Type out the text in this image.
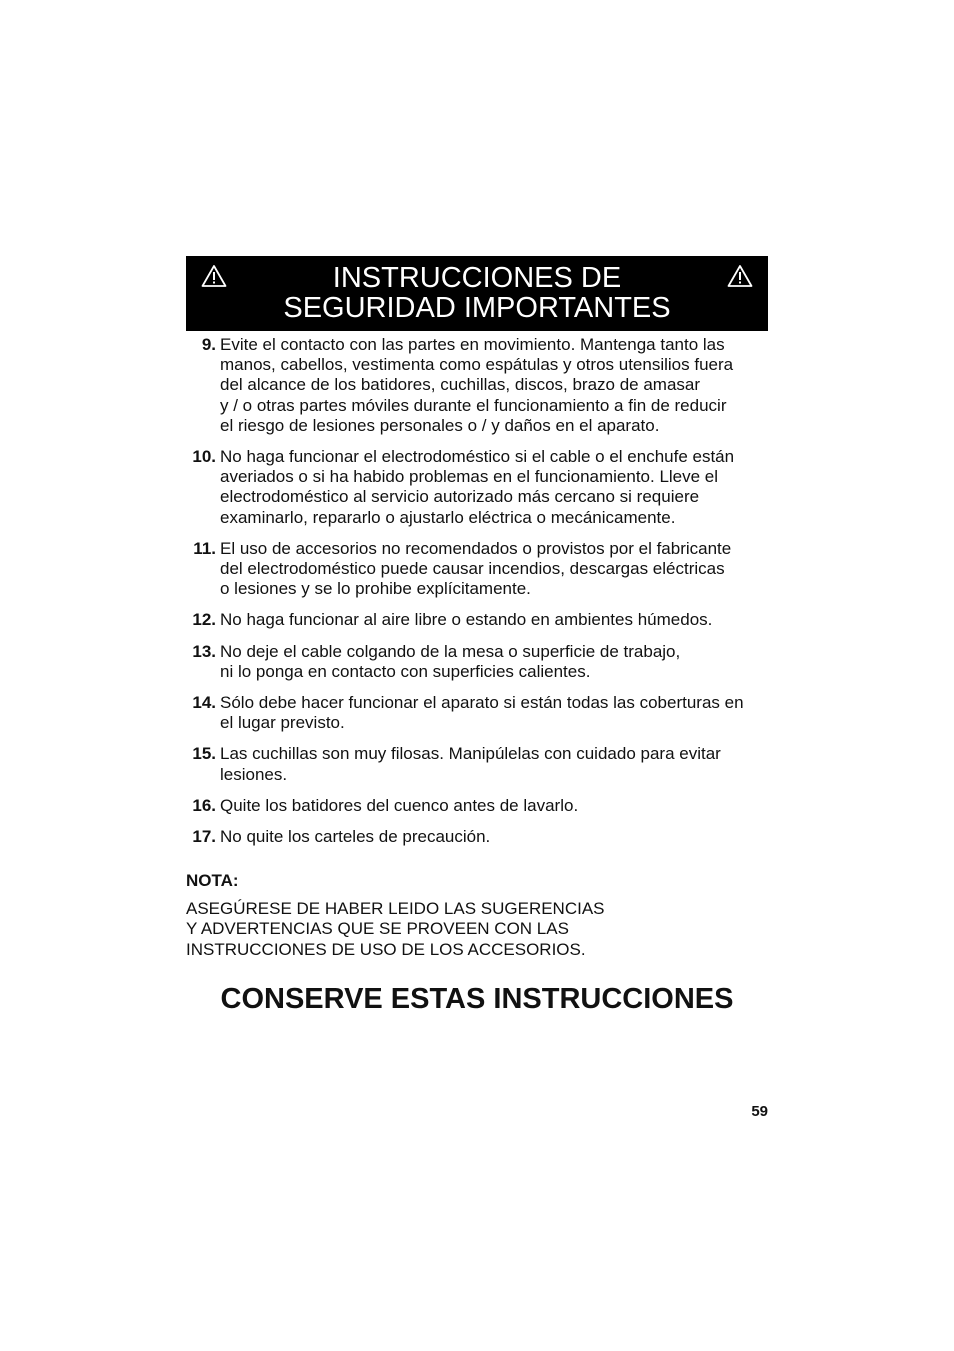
INSTRUCCIONES DE
SEGURIDAD IMPORTANTES
9. Evite el contacto con las partes en movimiento. Mantenga tanto las
manos, cabellos, vestimenta como espátulas y otros utensilios fuera
del alcance de los batidores, cuchillas, discos, brazo de amasar
y / o otras partes móviles durante el funcionamiento a fin de reducir
el riesgo de lesiones personales o / y daños en el aparato.
10. No haga funcionar el electrodoméstico si el cable o el enchufe están
averiados o si ha habido problemas en el funcionamiento. Lleve el
electrodoméstico al servicio autorizado más cercano si requiere
examinarlo, repararlo o ajustarlo eléctrica o mecánicamente.
11. El uso de accesorios no recomendados o provistos por el fabricante
del electrodoméstico puede causar incendios, descargas eléctricas
o lesiones y se lo prohibe explícitamente.
12. No haga funcionar al aire libre o estando en ambientes húmedos.
13. No deje el cable colgando de la mesa o superficie de trabajo,
ni lo ponga en contacto con superficies calientes.
14. Sólo debe hacer funcionar el aparato si están todas las coberturas en
el lugar previsto.
15. Las cuchillas son muy filosas. Manipúlelas con cuidado para evitar
lesiones.
16. Quite los batidores del cuenco antes de lavarlo.
17. No quite los carteles de precaución.
NOTA:
ASEGÚRESE DE HABER LEIDO LAS SUGERENCIAS
Y ADVERTENCIAS QUE SE PROVEEN CON LAS
INSTRUCCIONES DE USO DE LOS ACCESORIOS.
CONSERVE ESTAS INSTRUCCIONES
59
